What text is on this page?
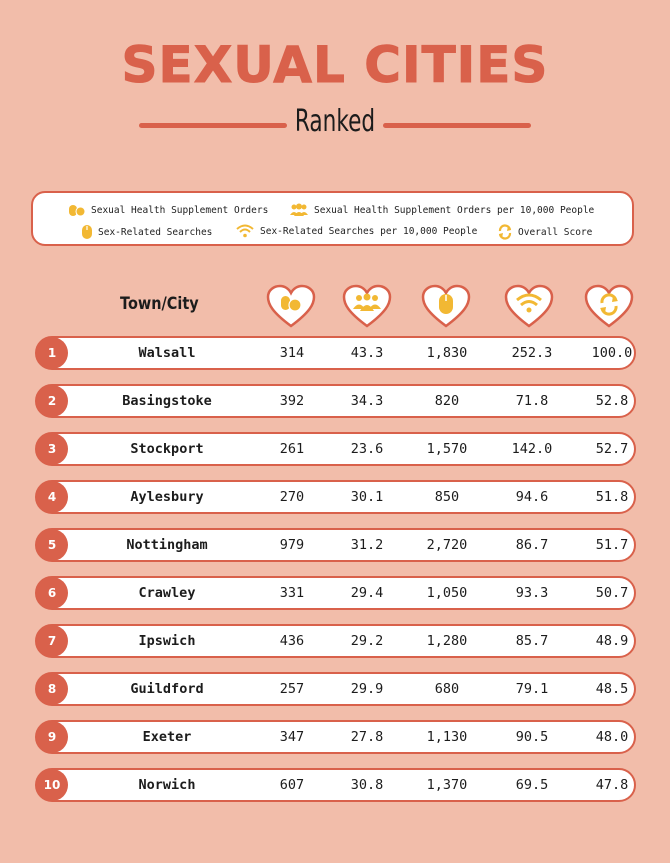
SEXUAL CITIES
Ranked
Sexual Health Supplement Orders	Sexual Health Supplement Orders per 10,000 People
Sex-Related Searches	Sex-Related Searches per 10,000 People	Overall Score
Town/City
1	Walsall	314	43.3	1,830	252.3	100.0
2	Basingstoke	392	34.3	820	71.8	52.8
3	Stockport	261	23.6	1,570	142.0	52.7
4	Aylesbury	270	30.1	850	94.6	51.8
5	Nottingham	979	31.2	2,720	86.7	51.7
6	Crawley	331	29.4	1,050	93.3	50.7
7	Ipswich	436	29.2	1,280	85.7	48.9
8	Guildford	257	29.9	680	79.1	48.5
9	Exeter	347	27.8	1,130	90.5	48.0
10	Norwich	607	30.8	1,370	69.5	47.8
